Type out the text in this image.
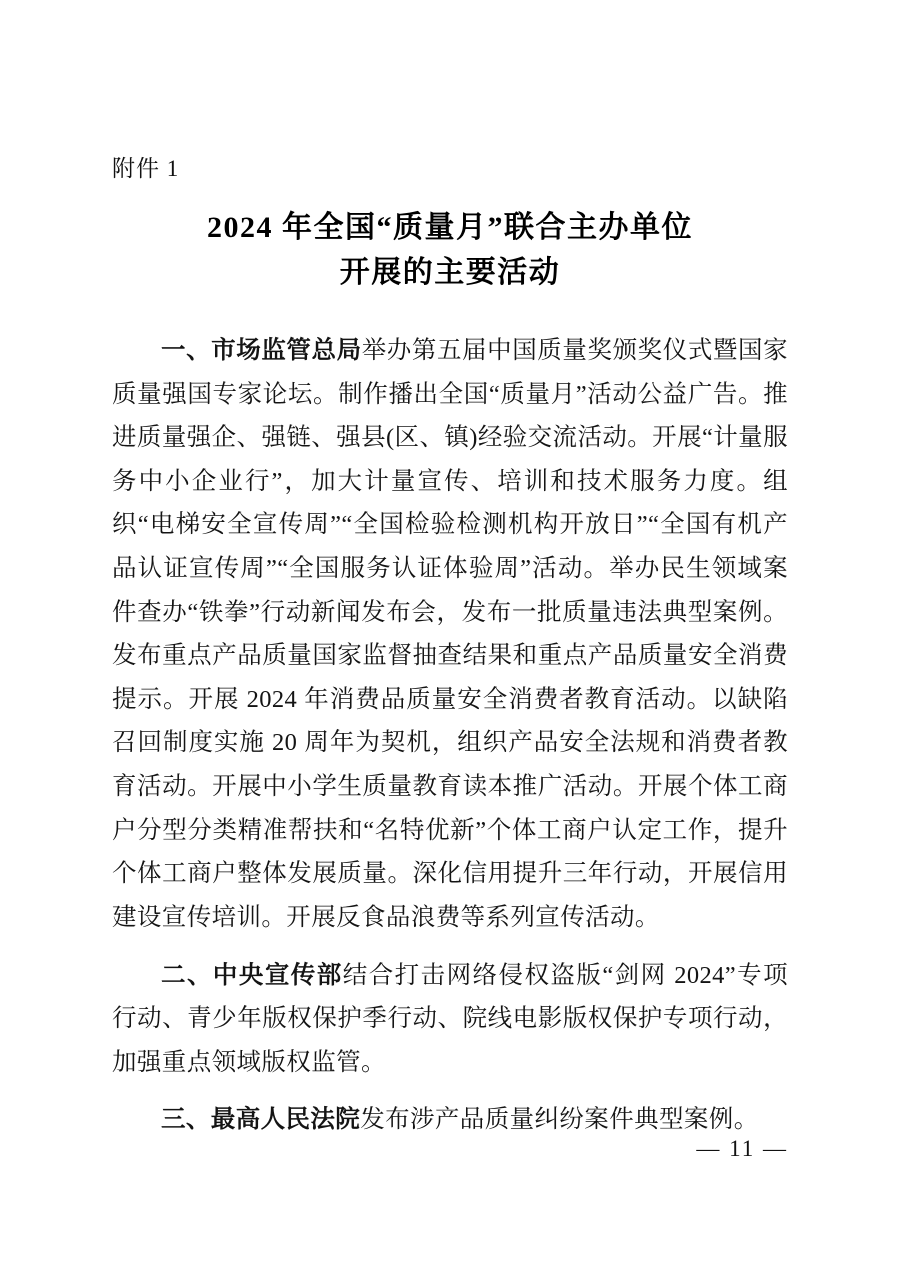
附件 1
2024 年全国“质量月”联合主办单位
开展的主要活动

一、市场监管总局举办第五届中国质量奖颁奖仪式暨国家质量强国专家论坛。制作播出全国“质量月”活动公益广告。推进质量强企、强链、强县(区、镇)经验交流活动。开展“计量服务中小企业行”，加大计量宣传、培训和技术服务力度。组织“电梯安全宣传周”“全国检验检测机构开放日”“全国有机产品认证宣传周”“全国服务认证体验周”活动。举办民生领域案件查办“铁拳”行动新闻发布会，发布一批质量违法典型案例。发布重点产品质量国家监督抽查结果和重点产品质量安全消费提示。开展 2024 年消费品质量安全消费者教育活动。以缺陷召回制度实施 20 周年为契机，组织产品安全法规和消费者教育活动。开展中小学生质量教育读本推广活动。开展个体工商户分型分类精准帮扶和“名特优新”个体工商户认定工作，提升个体工商户整体发展质量。深化信用提升三年行动，开展信用建设宣传培训。开展反食品浪费等系列宣传活动。

二、中央宣传部结合打击网络侵权盗版“剑网 2024”专项行动、青少年版权保护季行动、院线电影版权保护专项行动，加强重点领域版权监管。

三、最高人民法院发布涉产品质量纠纷案件典型案例。

— 11 —
